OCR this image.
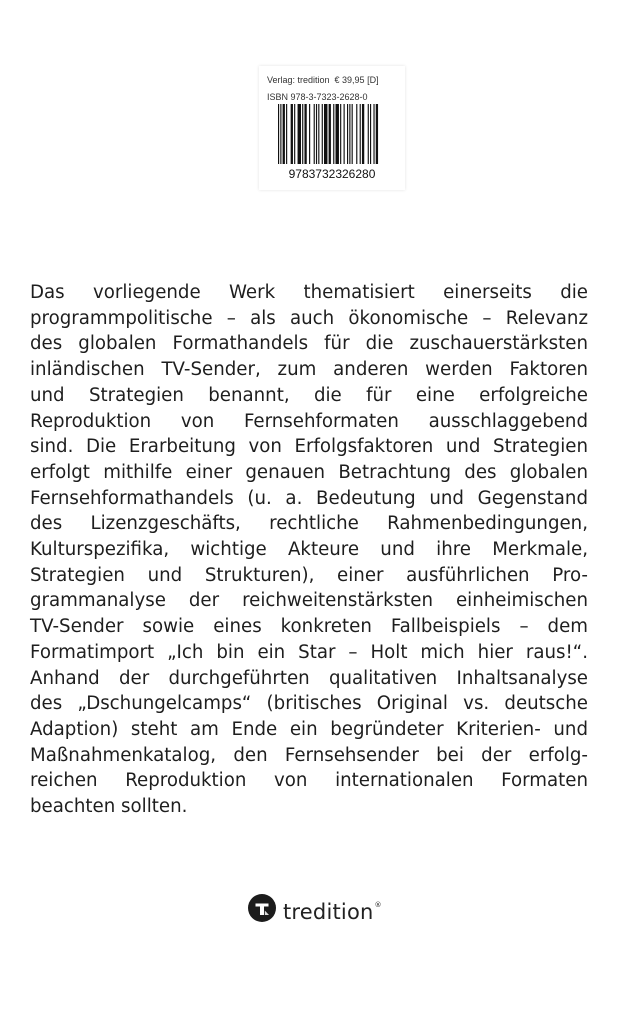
Verlag: tredition  € 39,95 [D]
ISBN 978-3-7323-2628-0
9783732326280
Das vorliegende Werk thematisiert einerseits die
programmpolitische – als auch ökonomische – Relevanz
des globalen Formathandels für die zuschauerstärksten
inländischen TV-Sender, zum anderen werden Faktoren
und Strategien benannt, die für eine erfolgreiche
Reproduktion von Fernsehformaten ausschlaggebend
sind. Die Erarbeitung von Erfolgsfaktoren und Strategien
erfolgt mithilfe einer genauen Betrachtung des globalen
Fernsehformathandels (u. a. Bedeutung und Gegenstand
des Lizenzgeschäfts, rechtliche Rahmenbedingungen,
Kulturspezifika, wichtige Akteure und ihre Merkmale,
Strategien und Strukturen), einer ausführlichen Pro-
grammanalyse der reichweitenstärksten einheimischen
TV-Sender sowie eines konkreten Fallbeispiels – dem
Formatimport „Ich bin ein Star – Holt mich hier raus!“.
Anhand der durchgeführten qualitativen Inhaltsanalyse
des „Dschungelcamps“ (britisches Original vs. deutsche
Adaption) steht am Ende ein begründeter Kriterien- und
Maßnahmenkatalog, den Fernsehsender bei der erfolg-
reichen Reproduktion von internationalen Formaten
beachten sollten.
tredition®
